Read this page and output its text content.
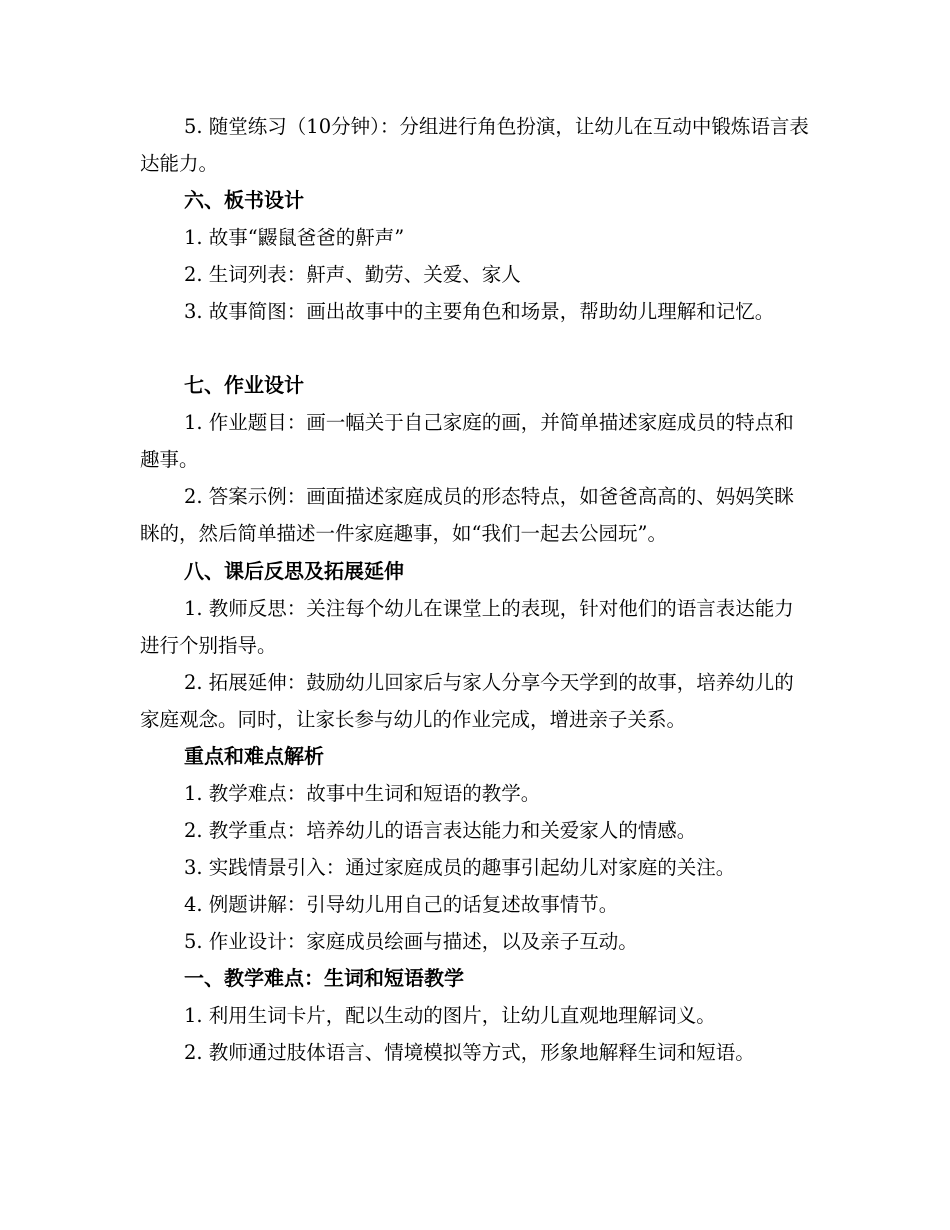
5. 随堂练习（10分钟）：分组进行角色扮演，让幼儿在互动中锻炼语言表达能力。
六、板书设计
1. 故事“鼹鼠爸爸的鼾声”
2. 生词列表：鼾声、勤劳、关爱、家人
3. 故事简图：画出故事中的主要角色和场景，帮助幼儿理解和记忆。
七、作业设计
1. 作业题目：画一幅关于自己家庭的画，并简单描述家庭成员的特点和趣事。
2. 答案示例：画面描述家庭成员的形态特点，如爸爸高高的、妈妈笑眯眯的，然后简单描述一件家庭趣事，如“我们一起去公园玩”。
八、课后反思及拓展延伸
1. 教师反思：关注每个幼儿在课堂上的表现，针对他们的语言表达能力进行个别指导。
2. 拓展延伸：鼓励幼儿回家后与家人分享今天学到的故事，培养幼儿的家庭观念。同时，让家长参与幼儿的作业完成，增进亲子关系。
重点和难点解析
1. 教学难点：故事中生词和短语的教学。
2. 教学重点：培养幼儿的语言表达能力和关爱家人的情感。
3. 实践情景引入：通过家庭成员的趣事引起幼儿对家庭的关注。
4. 例题讲解：引导幼儿用自己的话复述故事情节。
5. 作业设计：家庭成员绘画与描述，以及亲子互动。
一、教学难点：生词和短语教学
1. 利用生词卡片，配以生动的图片，让幼儿直观地理解词义。
2. 教师通过肢体语言、情境模拟等方式，形象地解释生词和短语。
